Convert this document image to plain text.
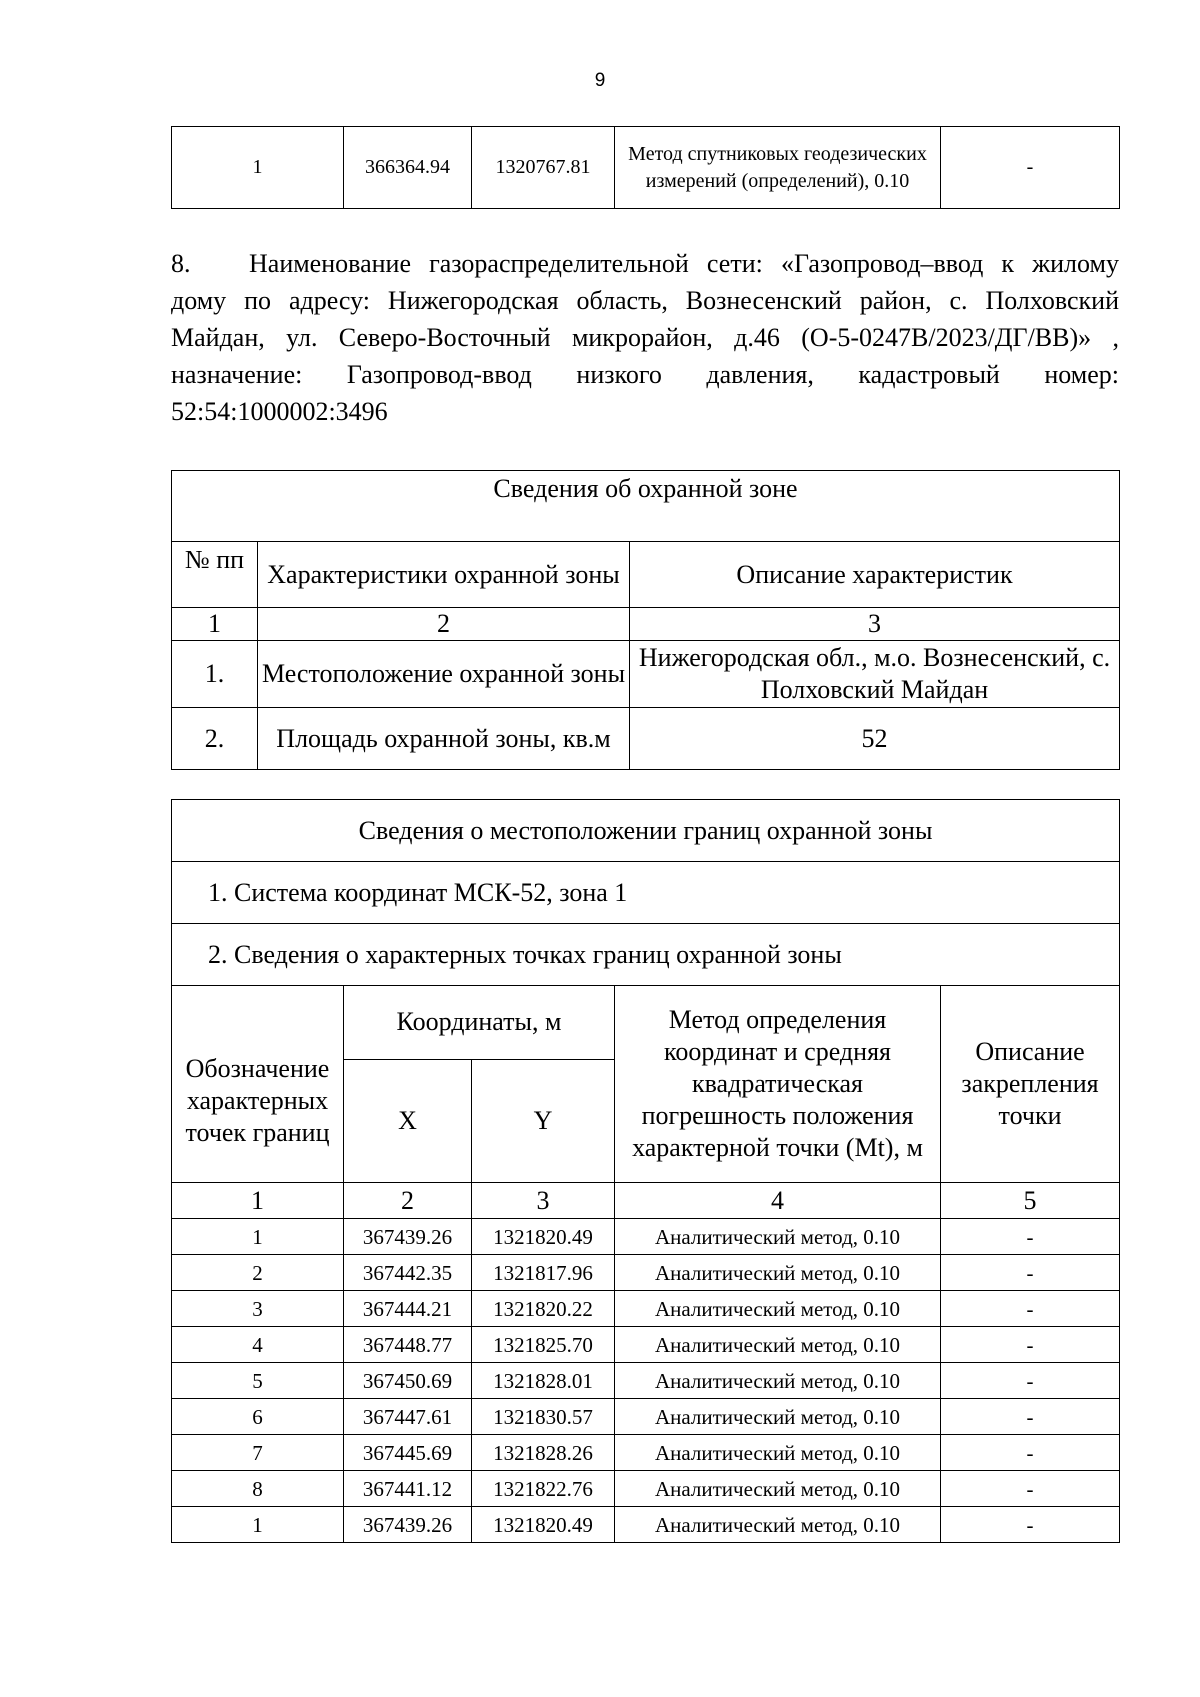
9
1	366364.94	1320767.81	Метод спутниковых геодезических измерений (определений), 0.10	-
8. Наименование газораспределительной сети: «Газопровод–ввод к жилому дому по адресу: Нижегородская область, Вознесенский район, с. Полховский Майдан, ул. Северо-Восточный микрорайон, д.46 (О-5-0247В/2023/ДГ/ВВ)» , назначение: Газопровод-ввод низкого давления, кадастровый номер: 52:54:1000002:3496
Сведения об охранной зоне		
№ пп	Характеристики охранной зоны	Описание характеристик
1	2	3
1.	Местоположение охранной зоны	Нижегородская обл., м.о. Вознесенский, с. Полховский Майдан
2.	Площадь охранной зоны, кв.м	52
Сведения о местоположении границ охранной зоны				
1. Система координат МСК-52, зона 1				
2. Сведения о характерных точках границ охранной зоны				
Обозначение характерных точек границ	Координаты, м		Метод определения координат и средняя квадратическая погрешность положения характерной точки (Mt), м	Описание закрепления точки
	X	Y		
1	2	3	4	5
1	367439.26	1321820.49	Аналитический метод, 0.10	-
2	367442.35	1321817.96	Аналитический метод, 0.10	-
3	367444.21	1321820.22	Аналитический метод, 0.10	-
4	367448.77	1321825.70	Аналитический метод, 0.10	-
5	367450.69	1321828.01	Аналитический метод, 0.10	-
6	367447.61	1321830.57	Аналитический метод, 0.10	-
7	367445.69	1321828.26	Аналитический метод, 0.10	-
8	367441.12	1321822.76	Аналитический метод, 0.10	-
1	367439.26	1321820.49	Аналитический метод, 0.10	-
